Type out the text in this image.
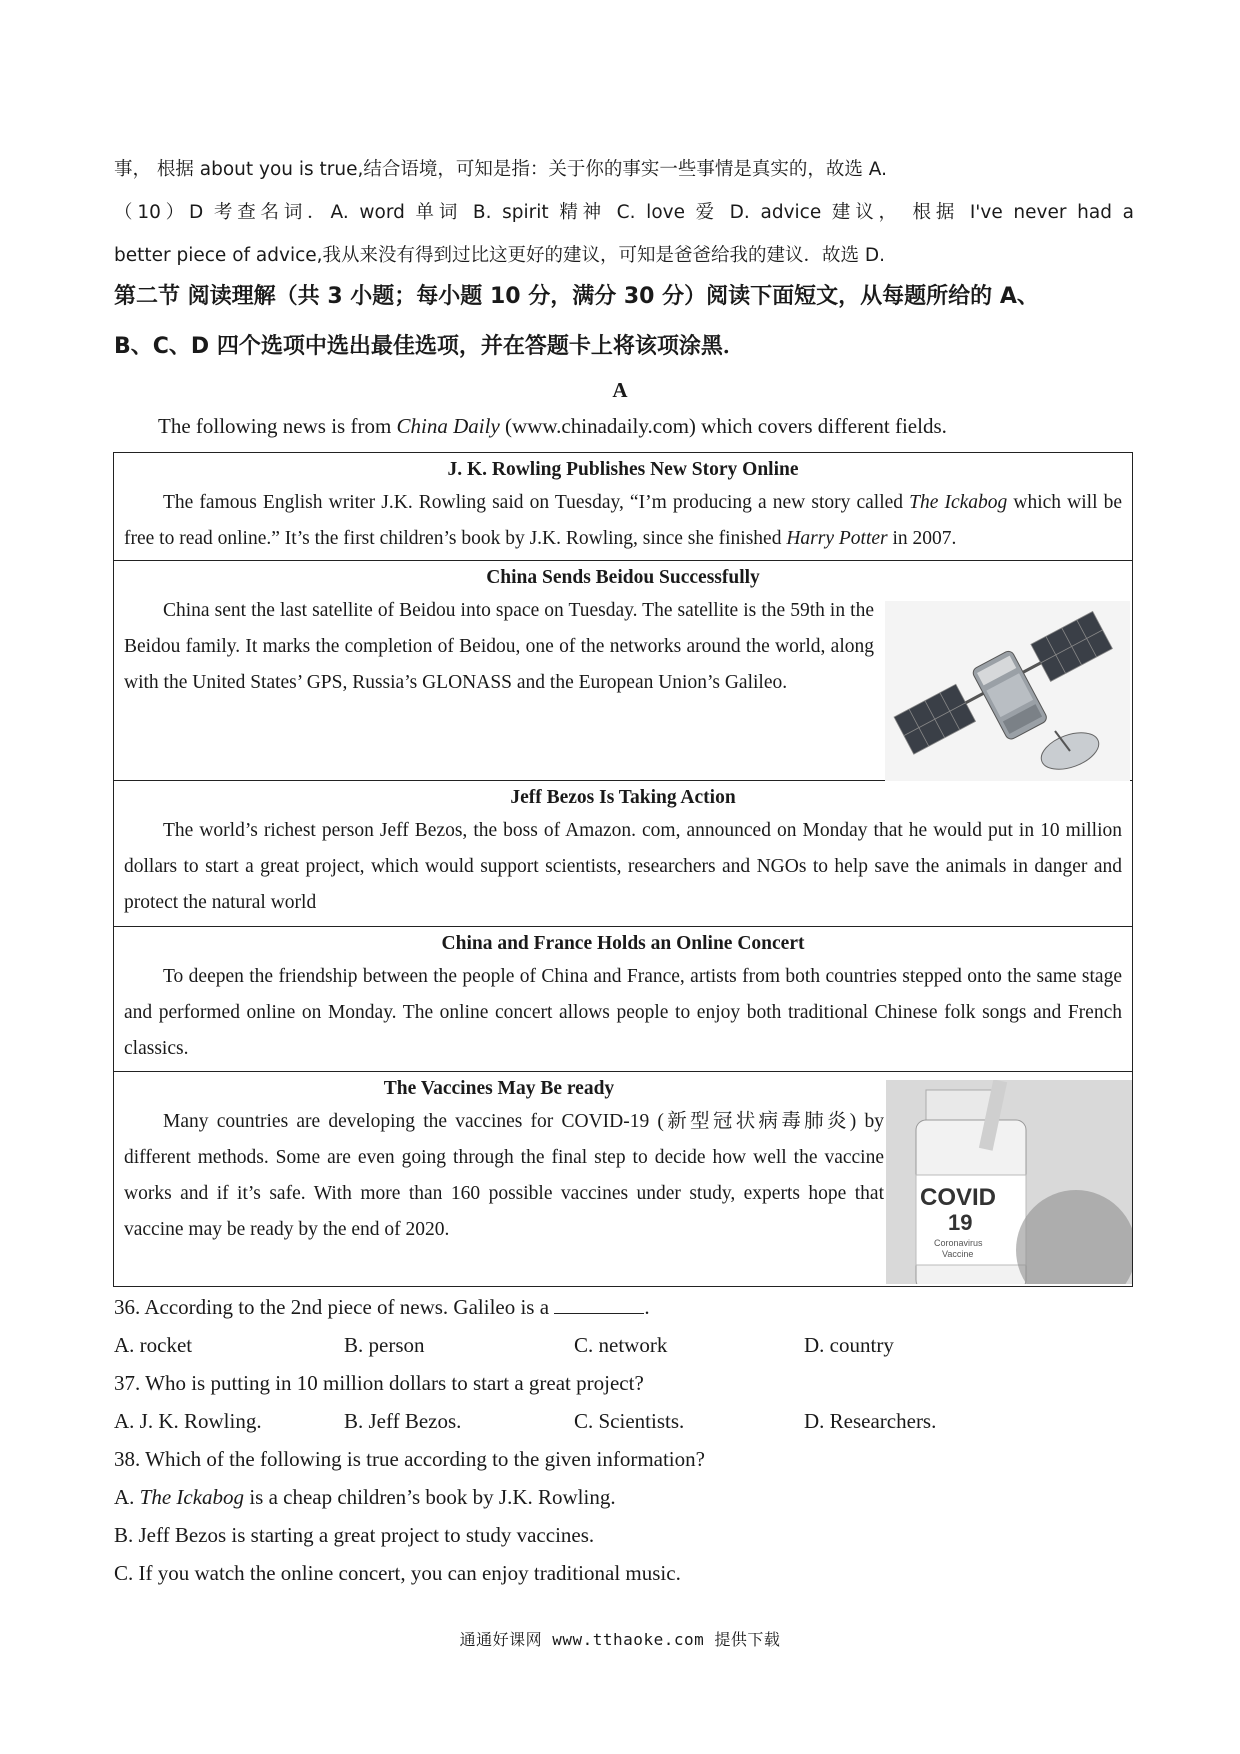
事， 根据 about you is true,结合语境，可知是指：关于你的事实一些事情是真实的，故选 A.

（10）D 考查名词．A. word 单词 B. spirit 精神 C. love 爱 D. advice 建议， 根据 I've never had a

better piece of advice,我从来没有得到过比这更好的建议，可知是爸爸给我的建议．故选 D.

第二节 阅读理解（共 3 小题；每小题 10 分，满分 30 分）阅读下面短文，从每题所给的 A、

B、C、D 四个选项中选出最佳选项，并在答题卡上将该项涂黑．

A
The following news is from China Daily (www.chinadaily.com) which covers different fields.
J. K. Rowling Publishes New Story Online
The famous English writer J.K. Rowling said on Tuesday, “I’m producing a new story called The Ickabog which will be free to read online.” It’s the first children’s book by J.K. Rowling, since she finished Harry Potter in 2007.
China Sends Beidou Successfully
China sent the last satellite of Beidou into space on Tuesday. The satellite is the 59th in the Beidou family. It marks the completion of Beidou, one of the networks around the world, along with the United States’ GPS, Russia’s GLONASS and the European Union’s Galileo.
Jeff Bezos Is Taking Action
The world’s richest person Jeff Bezos, the boss of Amazon. com, announced on Monday that he would put in 10 million dollars to start a great project, which would support scientists, researchers and NGOs to help save the animals in danger and protect the natural world
China and France Holds an Online Concert
To deepen the friendship between the people of China and France, artists from both countries stepped onto the same stage and performed online on Monday. The online concert allows people to enjoy both traditional Chinese folk songs and French classics.
The Vaccines May Be ready
Many countries are developing the vaccines for COVID-19 (新型冠状病毒肺炎) by different methods. Some are even going through the final step to decide how well the vaccine works and if it’s safe. With more than 160 possible vaccines under study, experts hope that vaccine may be ready by the end of 2020.
COVID
19
Coronavirus
Vaccine
36. According to the 2nd piece of news. Galileo is a	.
A. rocket	B. person	C. network	D. country
37. Who is putting in 10 million dollars to start a great project?
A. J. K. Rowling.	B. Jeff Bezos.	C. Scientists.	D. Researchers.
38. Which of the following is true according to the given information?
A. The Ickabog is a cheap children’s book by J.K. Rowling.
B. Jeff Bezos is starting a great project to study vaccines.
C. If you watch the online concert, you can enjoy traditional music.
通通好课网 www.tthaoke.com 提供下载
